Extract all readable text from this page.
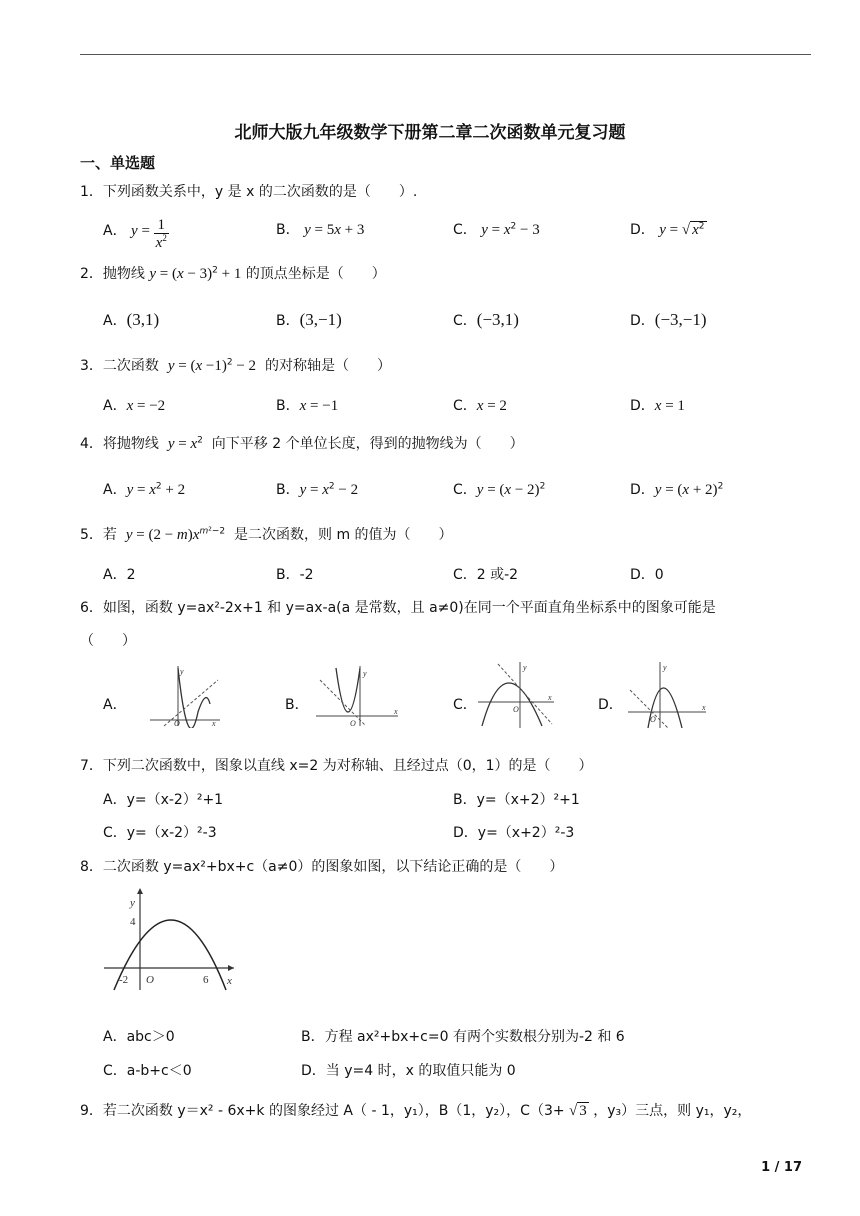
北师大版九年级数学下册第二章二次函数单元复习题
一、单选题
1．下列函数关系中，y 是 x 的二次函数的是（　　）.
A． $y = \frac{1}{x^2}$	B． y = 5x + 3	C． $y = x^2 - 3$	D． y = √ $x^2$
2．抛物线 $y = (x - 3)^2 + 1$ 的顶点坐标是（　　）
A．(3,1)	B．(3,−1)	C．(−3,1)	D．(−3,−1)
3．二次函数 $y = (x -1)^2 - 2$ 的对称轴是（　　）
A．x = −2	B．x = −1	C．x = 2	D．x = 1
4．将抛物线 $y = x^2$ 向下平移 2 个单位长度，得到的抛物线为（　　）
A．$y = x^2 + 2$	B．$y = x^2 - 2$	C．$y = (x - 2)^2$	D．$y = (x + 2)^2$
5．若 $y = (2 - m)x^{m^2-2}$ 是二次函数，则 m 的值为（　　）
A．2	B．-2	C．2 或-2	D．0
6．如图，函数 y=ax²-2x+1 和 y=ax-a(a 是常数，且 a≠0)在同一个平面直角坐标系中的图象可能是
（　　）
A．
O
y
x
B．
O
y
x	C．	O
y
x	D．
O
y
x
7．下列二次函数中，图象以直线 x=2 为对称轴、且经过点（0，1）的是（　　）
A．y=（x-2）²+1	B．y=（x+2）²+1
C．y=（x-2）²-3	D．y=（x+2）²-3
8．二次函数 y=ax²+bx+c（a≠0）的图象如图，以下结论正确的是（　　）
y
x
4
-2 O	6
A．abc＞0	B．方程 ax²+bx+c=0 有两个实数根分别为-2 和 6
C．a-b+c＜0	D．当 y=4 时，x 的取值只能为 0
9．若二次函数 y＝x² - 6x+k 的图象经过 A（ - 1，y₁），B（1，y₂），C（3+ √ 3 ，y₃）三点，则 y₁，y₂，
1 / 17
